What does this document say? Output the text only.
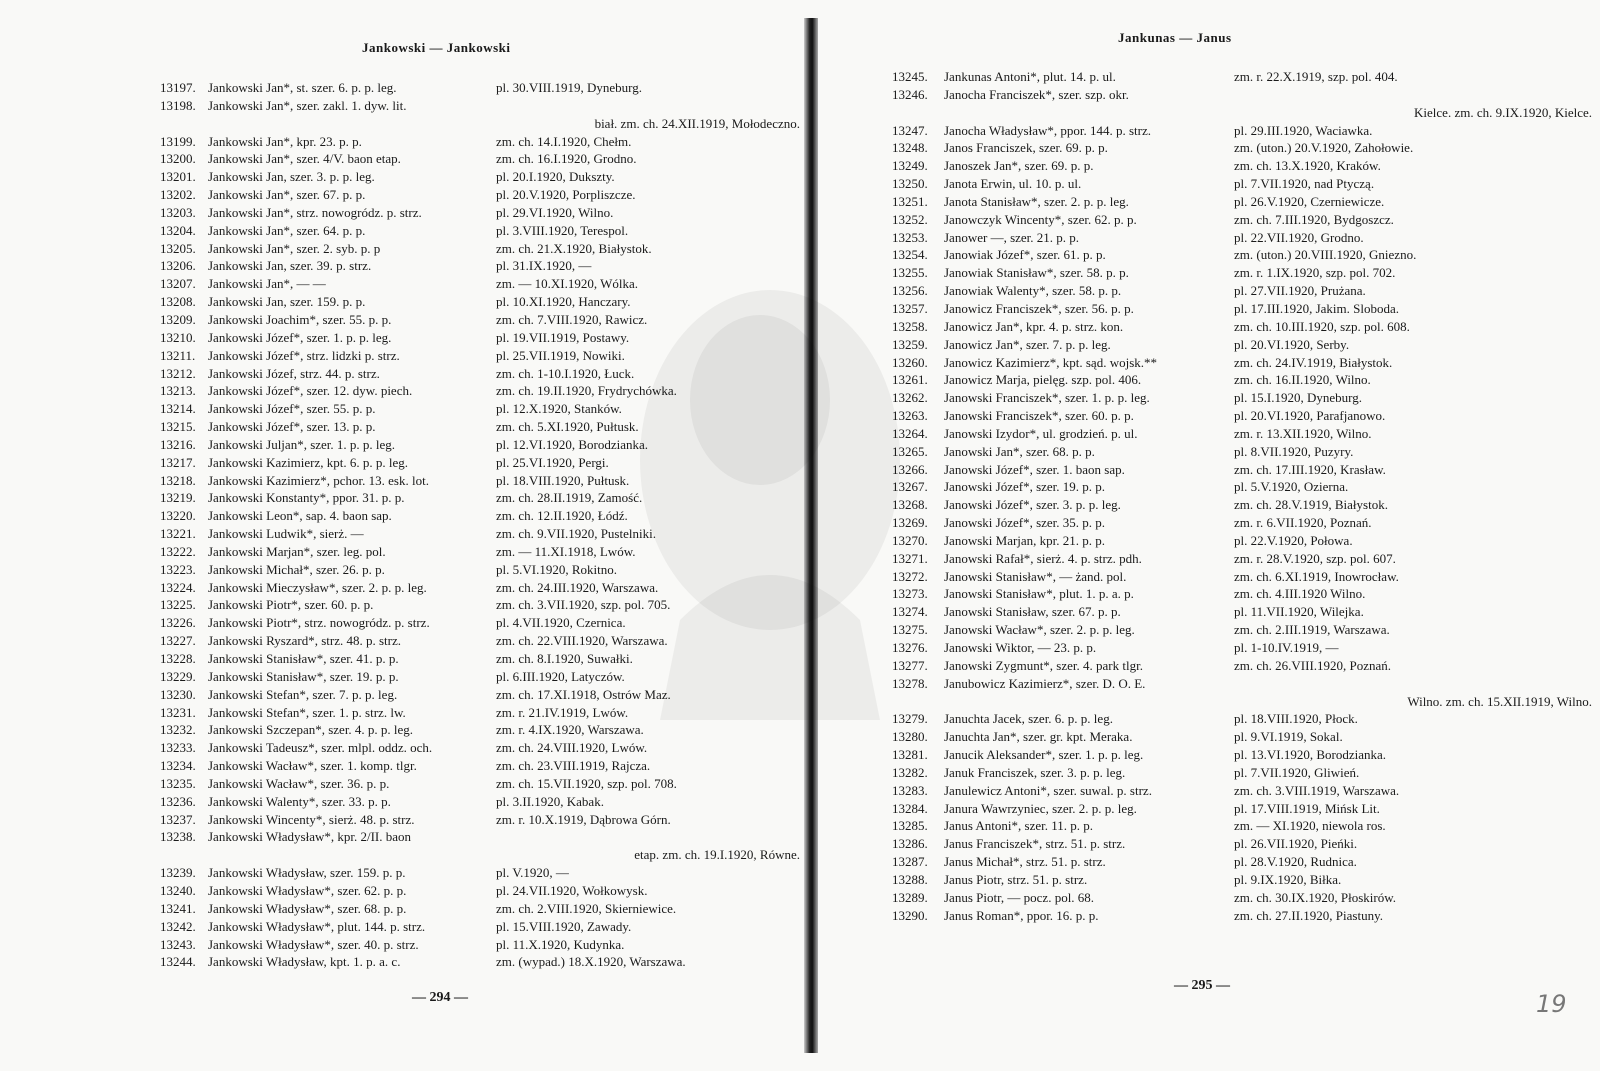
Jankowski — Jankowski
13197. Jankowski Jan*, st. szer. 6. p. p. leg.	pl. 30.VIII.1919, Dyneburg.
13198. Jankowski Jan*, szer. zakl. 1. dyw. lit.
biał. zm. ch. 24.XII.1919, Mołodeczno.
13199. Jankowski Jan*, kpr. 23. p. p.	zm. ch. 14.I.1920, Chełm.
13200. Jankowski Jan*, szer. 4/V. baon etap.	zm. ch. 16.I.1920, Grodno.
13201. Jankowski Jan, szer. 3. p. p. leg.	pl. 20.I.1920, Dukszty.
13202. Jankowski Jan*, szer. 67. p. p.	pl. 20.V.1920, Porpliszcze.
13203. Jankowski Jan*, strz. nowogródz. p. strz.	pl. 29.VI.1920, Wilno.
13204. Jankowski Jan*, szer. 64. p. p.	pl. 3.VIII.1920, Terespol.
13205. Jankowski Jan*, szer. 2. syb. p. p	zm. ch. 21.X.1920, Białystok.
13206. Jankowski Jan, szer. 39. p. strz.	pl. 31.IX.1920, —
13207. Jankowski Jan*, — —	zm. — 10.XI.1920, Wólka.
13208. Jankowski Jan, szer. 159. p. p.	pl. 10.XI.1920, Hanczary.
13209. Jankowski Joachim*, szer. 55. p. p.	zm. ch. 7.VIII.1920, Rawicz.
13210. Jankowski Józef*, szer. 1. p. p. leg.	pl. 19.VII.1919, Postawy.
13211. Jankowski Józef*, strz. lidzki p. strz.	pl. 25.VII.1919, Nowiki.
13212. Jankowski Józef, strz. 44. p. strz.	zm. ch. 1-10.I.1920, Łuck.
13213. Jankowski Józef*, szer. 12. dyw. piech.	zm. ch. 19.II.1920, Frydrychówka.
13214. Jankowski Józef*, szer. 55. p. p.	pl. 12.X.1920, Stanków.
13215. Jankowski Józef*, szer. 13. p. p.	zm. ch. 5.XI.1920, Pułtusk.
13216. Jankowski Juljan*, szer. 1. p. p. leg.	pl. 12.VI.1920, Borodzianka.
13217. Jankowski Kazimierz, kpt. 6. p. p. leg.	pl. 25.VI.1920, Pergi.
13218. Jankowski Kazimierz*, pchor. 13. esk. lot.	pl. 18.VIII.1920, Pułtusk.
13219. Jankowski Konstanty*, ppor. 31. p. p.	zm. ch. 28.II.1919, Zamość.
13220. Jankowski Leon*, sap. 4. baon sap.	zm. ch. 12.II.1920, Łódź.
13221. Jankowski Ludwik*, sierż. —	zm. ch. 9.VII.1920, Pustelniki.
13222. Jankowski Marjan*, szer. leg. pol.	zm. — 11.XI.1918, Lwów.
13223. Jankowski Michał*, szer. 26. p. p.	pl. 5.VI.1920, Rokitno.
13224. Jankowski Mieczysław*, szer. 2. p. p. leg.	zm. ch. 24.III.1920, Warszawa.
13225. Jankowski Piotr*, szer. 60. p. p.	zm. ch. 3.VII.1920, szp. pol. 705.
13226. Jankowski Piotr*, strz. nowogródz. p. strz.	pl. 4.VII.1920, Czernica.
13227. Jankowski Ryszard*, strz. 48. p. strz.	zm. ch. 22.VIII.1920, Warszawa.
13228. Jankowski Stanisław*, szer. 41. p. p.	zm. ch. 8.I.1920, Suwałki.
13229. Jankowski Stanisław*, szer. 19. p. p.	pl. 6.III.1920, Latyczów.
13230. Jankowski Stefan*, szer. 7. p. p. leg.	zm. ch. 17.XI.1918, Ostrów Maz.
13231. Jankowski Stefan*, szer. 1. p. strz. lw.	zm. r. 21.IV.1919, Lwów.
13232. Jankowski Szczepan*, szer. 4. p. p. leg.	zm. r. 4.IX.1920, Warszawa.
13233. Jankowski Tadeusz*, szer. mlpl. oddz. och.	zm. ch. 24.VIII.1920, Lwów.
13234. Jankowski Wacław*, szer. 1. komp. tlgr.	zm. ch. 23.VIII.1919, Rajcza.
13235. Jankowski Wacław*, szer. 36. p. p.	zm. ch. 15.VII.1920, szp. pol. 708.
13236. Jankowski Walenty*, szer. 33. p. p.	pl. 3.II.1920, Kabak.
13237. Jankowski Wincenty*, sierż. 48. p. strz.	zm. r. 10.X.1919, Dąbrowa Górn.
13238. Jankowski Władysław*, kpr. 2/II. baon
etap. zm. ch. 19.I.1920, Równe.
13239. Jankowski Władysław, szer. 159. p. p.	pl. V.1920, —
13240. Jankowski Władysław*, szer. 62. p. p.	pl. 24.VII.1920, Wołkowysk.
13241. Jankowski Władysław*, szer. 68. p. p.	zm. ch. 2.VIII.1920, Skierniewice.
13242. Jankowski Władysław*, plut. 144. p. strz.	pl. 15.VIII.1920, Zawady.
13243. Jankowski Władysław*, szer. 40. p. strz.	pl. 11.X.1920, Kudynka.
13244. Jankowski Władysław, kpt. 1. p. a. c.	zm. (wypad.) 18.X.1920, Warszawa.
— 294 —
Jankunas — Janus
13245. Jankunas Antoni*, plut. 14. p. ul.	zm. r. 22.X.1919, szp. pol. 404.
13246. Janocha Franciszek*, szer. szp. okr.
Kielce. zm. ch. 9.IX.1920, Kielce.
13247. Janocha Władysław*, ppor. 144. p. strz.	pl. 29.III.1920, Waciawka.
13248. Janos Franciszek, szer. 69. p. p.	zm. (uton.) 20.V.1920, Zahołowie.
13249. Janoszek Jan*, szer. 69. p. p.	zm. ch. 13.X.1920, Kraków.
13250. Janota Erwin, ul. 10. p. ul.	pl. 7.VII.1920, nad Ptyczą.
13251. Janota Stanisław*, szer. 2. p. p. leg.	pl. 26.V.1920, Czerniewicze.
13252. Janowczyk Wincenty*, szer. 62. p. p.	zm. ch. 7.III.1920, Bydgoszcz.
13253. Janower —, szer. 21. p. p.	pl. 22.VII.1920, Grodno.
13254. Janowiak Józef*, szer. 61. p. p.	zm. (uton.) 20.VIII.1920, Gniezno.
13255. Janowiak Stanisław*, szer. 58. p. p.	zm. r. 1.IX.1920, szp. pol. 702.
13256. Janowiak Walenty*, szer. 58. p. p.	pl. 27.VII.1920, Prużana.
13257. Janowicz Franciszek*, szer. 56. p. p.	pl. 17.III.1920, Jakim. Sloboda.
13258. Janowicz Jan*, kpr. 4. p. strz. kon.	zm. ch. 10.III.1920, szp. pol. 608.
13259. Janowicz Jan*, szer. 7. p. p. leg.	pl. 20.VI.1920, Serby.
13260. Janowicz Kazimierz*, kpt. sąd. wojsk.**	zm. ch. 24.IV.1919, Białystok.
13261. Janowicz Marja, pielęg. szp. pol. 406.	zm. ch. 16.II.1920, Wilno.
13262. Janowski Franciszek*, szer. 1. p. p. leg.	pl. 15.I.1920, Dyneburg.
13263. Janowski Franciszek*, szer. 60. p. p.	pl. 20.VI.1920, Parafjanowo.
13264. Janowski Izydor*, ul. grodzień. p. ul.	zm. r. 13.XII.1920, Wilno.
13265. Janowski Jan*, szer. 68. p. p.	pl. 8.VII.1920, Puzyry.
13266. Janowski Józef*, szer. 1. baon sap.	zm. ch. 17.III.1920, Krasław.
13267. Janowski Józef*, szer. 19. p. p.	pl. 5.V.1920, Ozierna.
13268. Janowski Józef*, szer. 3. p. p. leg.	zm. ch. 28.V.1919, Białystok.
13269. Janowski Józef*, szer. 35. p. p.	zm. r. 6.VII.1920, Poznań.
13270. Janowski Marjan, kpr. 21. p. p.	pl. 22.V.1920, Połowa.
13271. Janowski Rafał*, sierż. 4. p. strz. pdh.	zm. r. 28.V.1920, szp. pol. 607.
13272. Janowski Stanisław*, — żand. pol.	zm. ch. 6.XI.1919, Inowrocław.
13273. Janowski Stanisław*, plut. 1. p. a. p.	zm. ch. 4.III.1920 Wilno.
13274. Janowski Stanisław, szer. 67. p. p.	pl. 11.VII.1920, Wilejka.
13275. Janowski Wacław*, szer. 2. p. p. leg.	zm. ch. 2.III.1919, Warszawa.
13276. Janowski Wiktor, — 23. p. p.	pl. 1-10.IV.1919, —
13277. Janowski Zygmunt*, szer. 4. park tlgr.	zm. ch. 26.VIII.1920, Poznań.
13278. Janubowicz Kazimierz*, szer. D. O. E.
Wilno. zm. ch. 15.XII.1919, Wilno.
13279. Januchta Jacek, szer. 6. p. p. leg.	pl. 18.VIII.1920, Płock.
13280. Januchta Jan*, szer. gr. kpt. Meraka.	pl. 9.VI.1919, Sokal.
13281. Janucik Aleksander*, szer. 1. p. p. leg.	pl. 13.VI.1920, Borodzianka.
13282. Januk Franciszek, szer. 3. p. p. leg.	pl. 7.VII.1920, Gliwień.
13283. Janulewicz Antoni*, szer. suwal. p. strz.	zm. ch. 3.VIII.1919, Warszawa.
13284. Janura Wawrzyniec, szer. 2. p. p. leg.	pl. 17.VIII.1919, Mińsk Lit.
13285. Janus Antoni*, szer. 11. p. p.	zm. — XI.1920, niewola ros.
13286. Janus Franciszek*, strz. 51. p. strz.	pl. 26.VII.1920, Pieńki.
13287. Janus Michał*, strz. 51. p. strz.	pl. 28.V.1920, Rudnica.
13288. Janus Piotr, strz. 51. p. strz.	pl. 9.IX.1920, Biłka.
13289. Janus Piotr, — pocz. pol. 68.	zm. ch. 30.IX.1920, Płoskirów.
13290. Janus Roman*, ppor. 16. p. p.	zm. ch. 27.II.1920, Piastuny.
— 295 —
19
